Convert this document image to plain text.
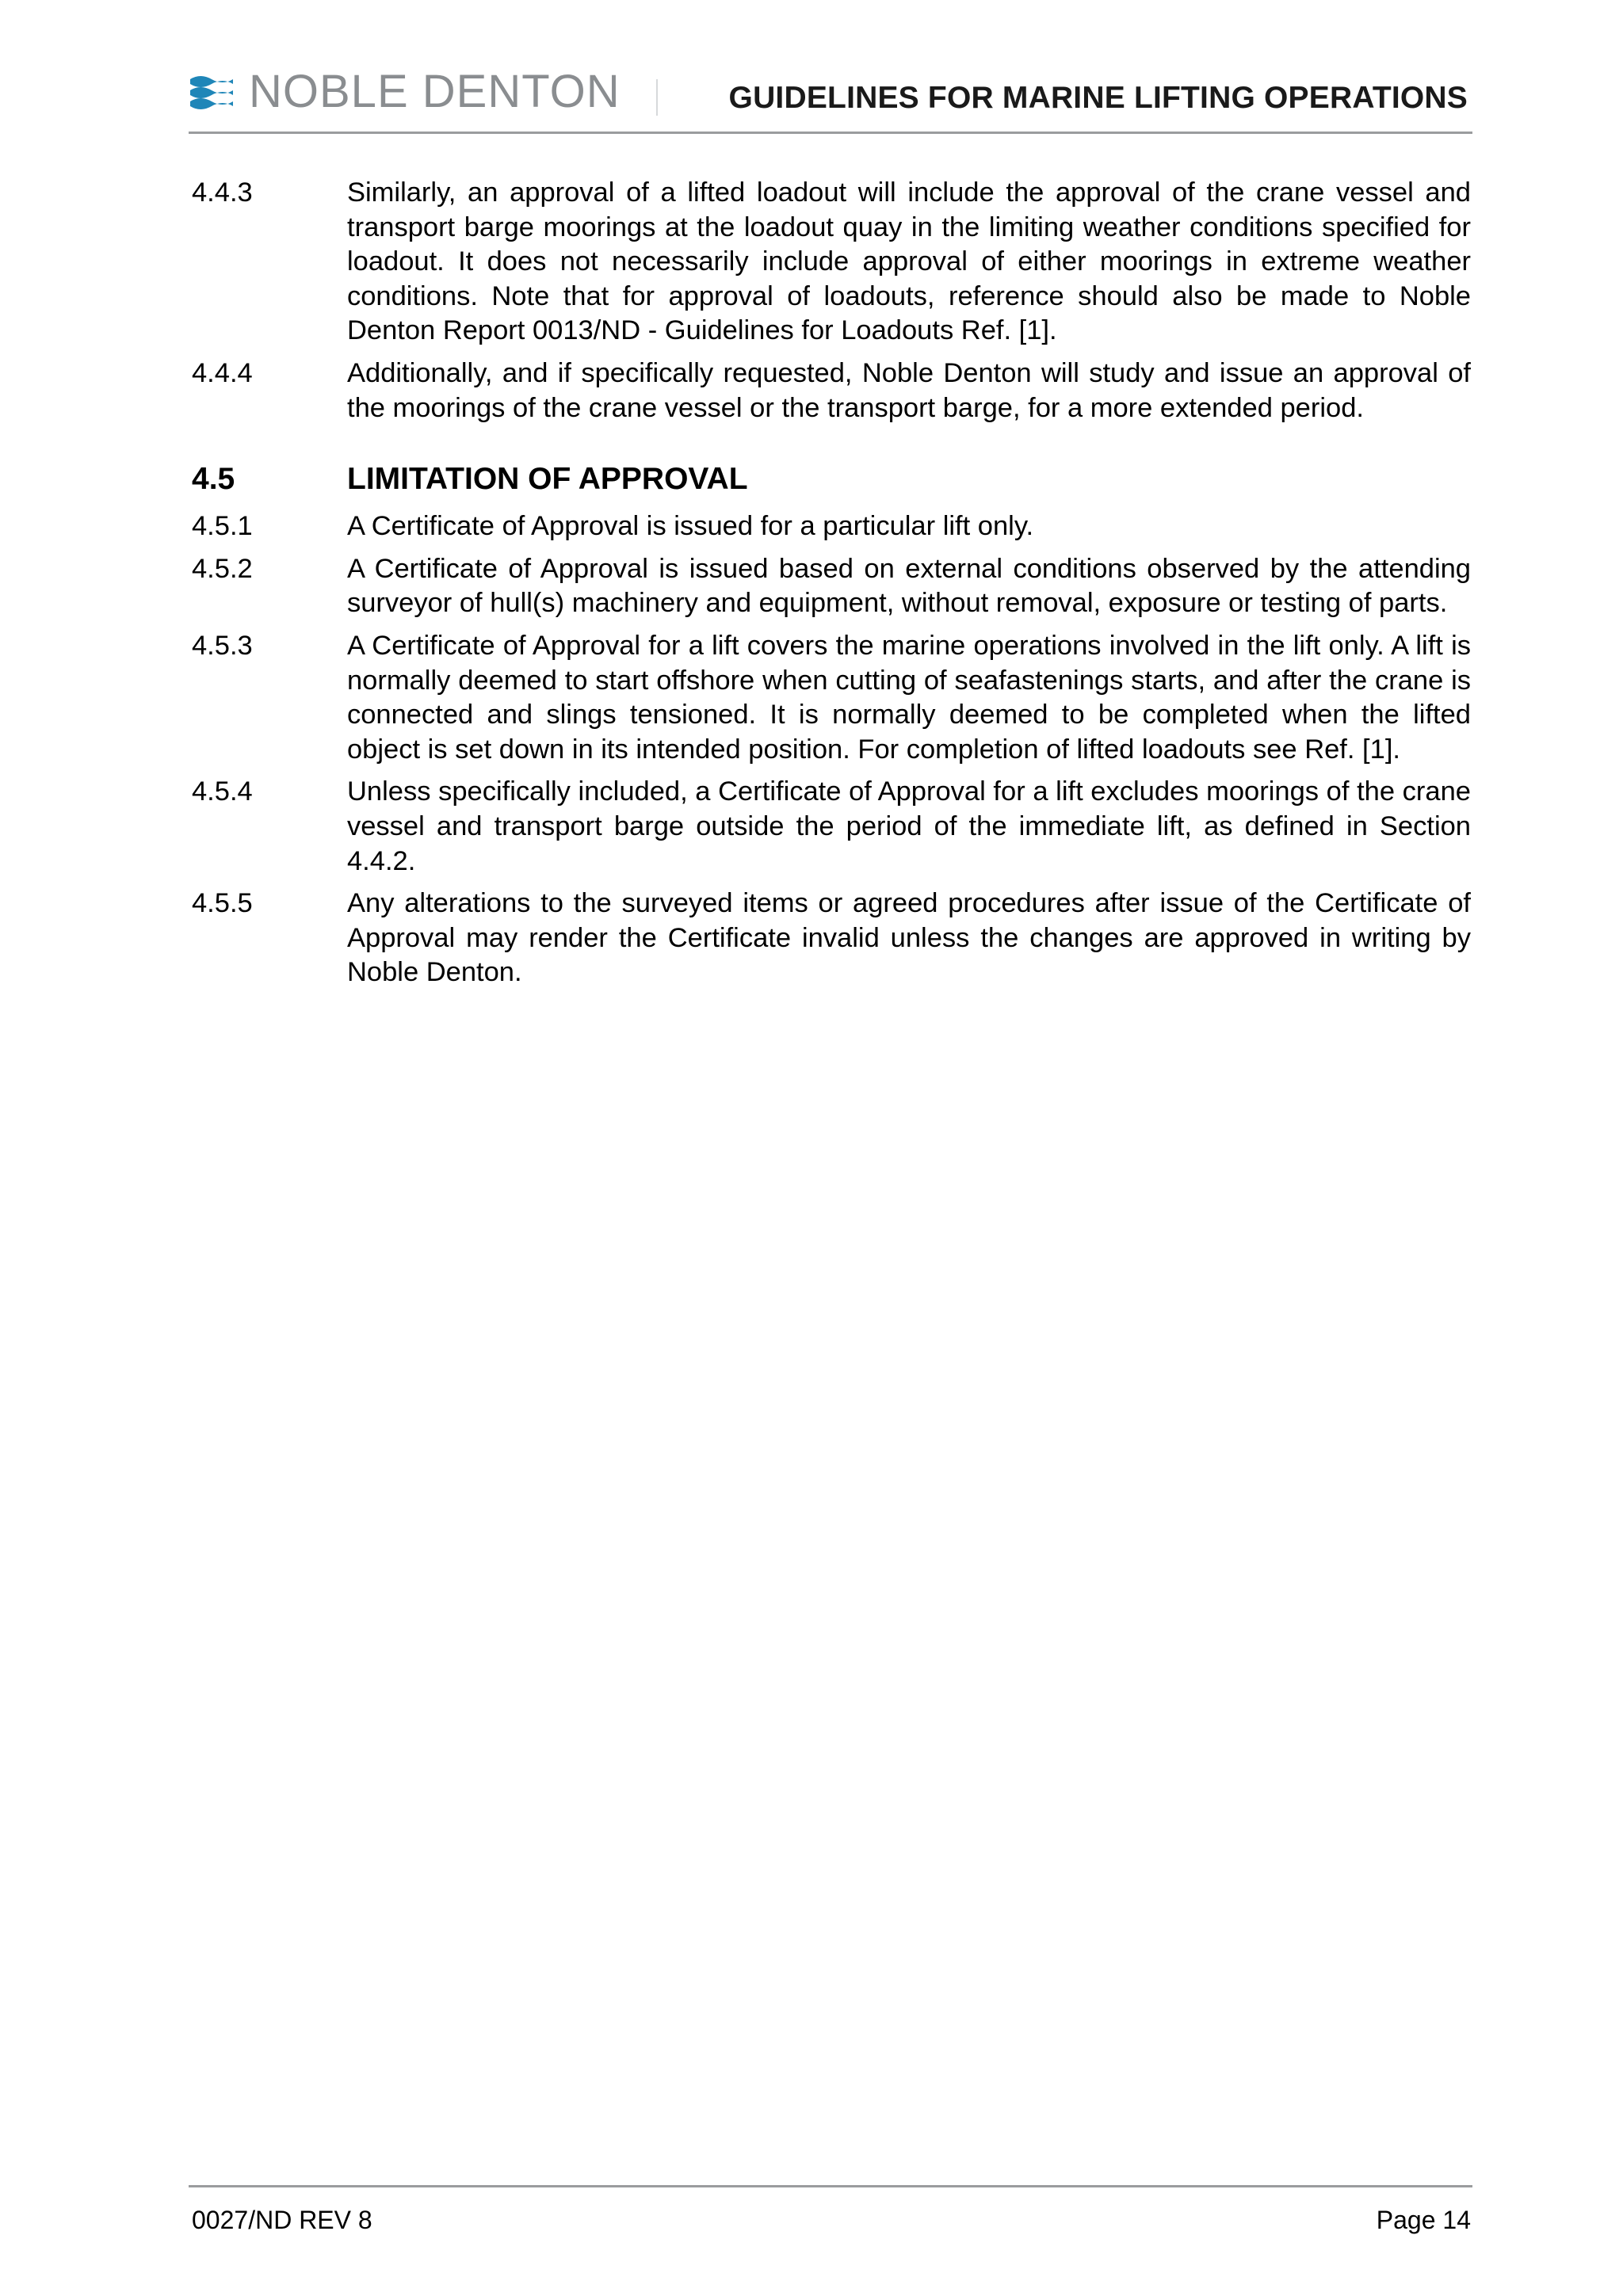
NOBLE DENTON	GUIDELINES FOR MARINE LIFTING OPERATIONS
4.4.3	Similarly, an approval of a lifted loadout will include the approval of the crane vessel and transport barge moorings at the loadout quay in the limiting weather conditions specified for loadout. It does not necessarily include approval of either moorings in extreme weather conditions. Note that for approval of loadouts, reference should also be made to Noble Denton Report 0013/ND - Guidelines for Loadouts Ref. [1].
4.4.4	Additionally, and if specifically requested, Noble Denton will study and issue an approval of the moorings of the crane vessel or the transport barge, for a more extended period.
4.5	LIMITATION OF APPROVAL
4.5.1	A Certificate of Approval is issued for a particular lift only.
4.5.2	A Certificate of Approval is issued based on external conditions observed by the attending surveyor of hull(s) machinery and equipment, without removal, exposure or testing of parts.
4.5.3	A Certificate of Approval for a lift covers the marine operations involved in the lift only. A lift is normally deemed to start offshore when cutting of seafastenings starts, and after the crane is connected and slings tensioned. It is normally deemed to be completed when the lifted object is set down in its intended position. For completion of lifted loadouts see Ref. [1].
4.5.4	Unless specifically included, a Certificate of Approval for a lift excludes moorings of the crane vessel and transport barge outside the period of the immediate lift, as defined in Section 4.4.2.
4.5.5	Any alterations to the surveyed items or agreed procedures after issue of the Certificate of Approval may render the Certificate invalid unless the changes are approved in writing by Noble Denton.
0027/ND REV 8	Page 14
